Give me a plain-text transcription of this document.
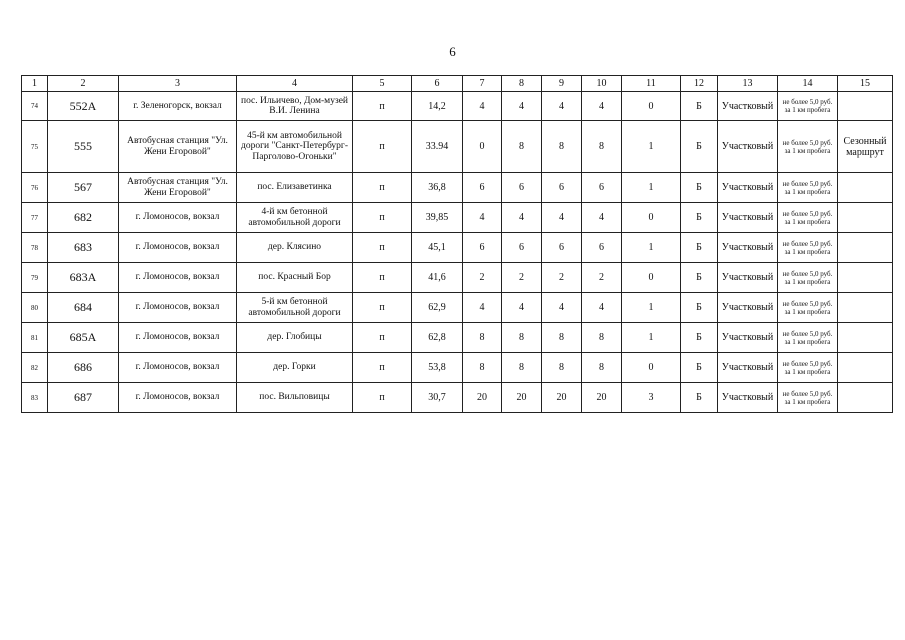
6
1	2	3	4	5	6	7	8	9	10	11	12	13	14	15
74	552А	г. Зеленогорск, вокзал	пос. Ильичево, Дом-музей В.И. Ленина	п	14,2	4	4	4	4	0	Б	Участковый	не более 5,0 руб. за 1 км пробега	
75	555	Автобусная станция "Ул. Жени Егоровой"	45-й км автомобильной дороги "Санкт-Петербург-Парголово-Огоньки"	п	33.94	0	8	8	8	1	Б	Участковый	не более 5,0 руб. за 1 км пробега	Сезонный маршрут
76	567	Автобусная станция "Ул. Жени Егоровой"	пос. Елизаветинка	п	36,8	6	6	6	6	1	Б	Участковый	не более 5,0 руб. за 1 км пробега	
77	682	г. Ломоносов, вокзал	4-й км бетонной автомобильной дороги	п	39,85	4	4	4	4	0	Б	Участковый	не более 5,0 руб. за 1 км пробега	
78	683	г. Ломоносов, вокзал	дер. Клясино	п	45,1	6	6	6	6	1	Б	Участковый	не более 5,0 руб. за 1 км пробега	
79	683А	г. Ломоносов, вокзал	пос. Красный Бор	п	41,6	2	2	2	2	0	Б	Участковый	не более 5,0 руб. за 1 км пробега	
80	684	г. Ломоносов, вокзал	5-й км бетонной автомобильной дороги	п	62,9	4	4	4	4	1	Б	Участковый	не более 5,0 руб. за 1 км пробега	
81	685А	г. Ломоносов, вокзал	дер. Глобицы	п	62,8	8	8	8	8	1	Б	Участковый	не более 5,0 руб. за 1 км пробега	
82	686	г. Ломоносов, вокзал	дер. Горки	п	53,8	8	8	8	8	0	Б	Участковый	не более 5,0 руб. за 1 км пробега	
83	687	г. Ломоносов, вокзал	пос. Вильповицы	п	30,7	20	20	20	20	3	Б	Участковый	не более 5,0 руб. за 1 км пробега	
